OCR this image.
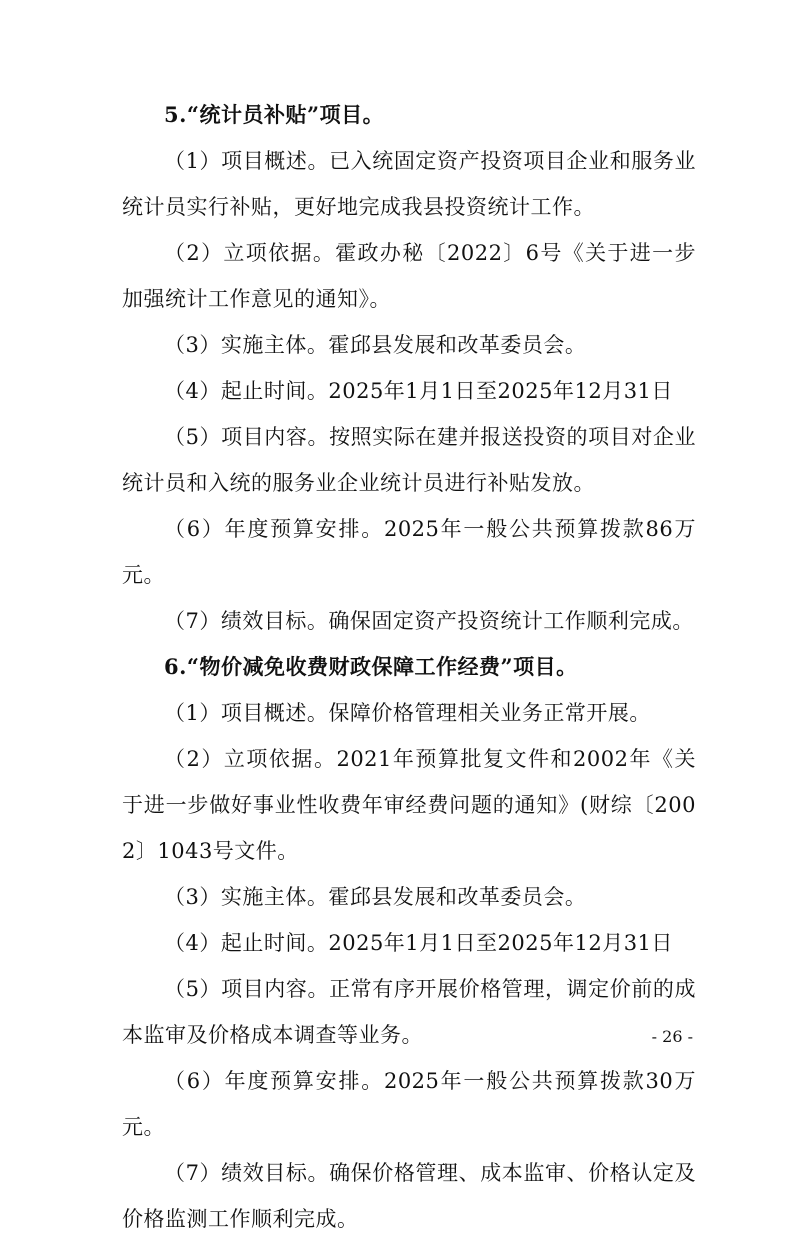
5.“统计员补贴”项目。

（1）项目概述。已入统固定资产投资项目企业和服务业统计员实行补贴，更好地完成我县投资统计工作。

（2）立项依据。霍政办秘〔2022〕6号《关于进一步加强统计工作意见的通知》。

（3）实施主体。霍邱县发展和改革委员会。

（4）起止时间。2025年1月1日至2025年12月31日

（5）项目内容。按照实际在建并报送投资的项目对企业统计员和入统的服务业企业统计员进行补贴发放。

（6）年度预算安排。2025年一般公共预算拨款86万元。

（7）绩效目标。确保固定资产投资统计工作顺利完成。

6.“物价减免收费财政保障工作经费”项目。

（1）项目概述。保障价格管理相关业务正常开展。

（2）立项依据。2021年预算批复文件和2002年《关于进一步做好事业性收费年审经费问题的通知》(财综〔2002〕1043号文件。

（3）实施主体。霍邱县发展和改革委员会。

（4）起止时间。2025年1月1日至2025年12月31日

（5）项目内容。正常有序开展价格管理，调定价前的成本监审及价格成本调查等业务。

（6）年度预算安排。2025年一般公共预算拨款30万元。

（7）绩效目标。确保价格管理、成本监审、价格认定及价格监测工作顺利完成。

- 26 -
